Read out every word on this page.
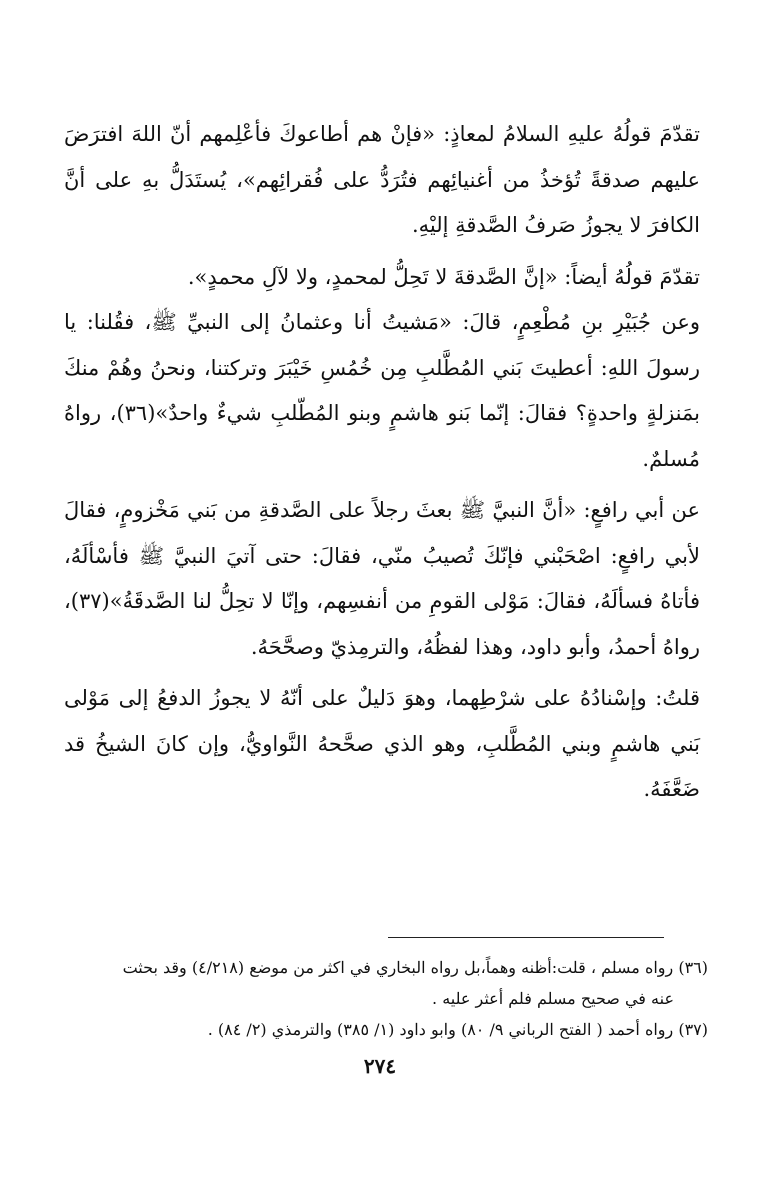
تقدّمَ قولُهُ عليهِ السلامُ لمعاذٍ: «فإنْ هم أطاعوكَ فأعْلِمهم أنّ اللهَ افترَضَ عليهم صدقةً تُؤخذُ من أغنيائِهم فتُرَدُّ على فُقرائِهم»، يُستَدَلُّ بهِ على أنَّ الكافرَ لا يجوزُ صَرفُ الصَّدقةِ إليْهِ.

تقدّمَ قولُهُ أيضاً: «إنَّ الصَّدقةَ لا تَحِلُّ لمحمدٍ، ولا لآلِ محمدٍ».

وعن جُبَيْرِ بنِ مُطْعِمٍ، قالَ: «مَشيتُ أنا وعثمانُ إلى النبيِّ ﷺ، فقُلنا: يا رسولَ اللهِ: أعطيتَ بَني المُطَّلبِ مِن خُمُسِ خَيْبَرَ وتركتنا، ونحنُ وهُمْ منكَ بمَنزلةٍ واحدةٍ؟ فقالَ: إنّما بَنو هاشمٍ وبنو المُطّلبِ شيءٌ واحدٌ»(٣٦)، رواهُ مُسلمٌ.

عن أبي رافعٍ: «أنَّ النبيَّ ﷺ بعثَ رجلاً على الصَّدقةِ من بَني مَخْزومٍ، فقالَ لأبي رافعٍ: اصْحَبْني فإنّكَ تُصيبُ منّي، فقالَ: حتى آتيَ النبيَّ ﷺ فأسْألَهُ، فأتاهُ فسألَهُ، فقالَ: مَوْلى القومِ من أنفسِهم، وإنّا لا تحِلُّ لنا الصَّدقَةُ»(٣٧)، رواهُ أحمدُ، وأبو داود، وهذا لفظُهُ، والترمِذيّ وصحَّحَهُ.

قلتُ: وإسْنادُهُ على شرْطِهما، وهوَ دَليلٌ على أنّهُ لا يجوزُ الدفعُ إلى مَوْلى بَني هاشمٍ وبني المُطَّلبِ، وهو الذي صحَّحهُ النَّواويُّ، وإن كانَ الشيخُ قد ضَعَّفَهُ.

(٣٦) رواه مسلم ، قلت:أظنه وهماً،بل رواه البخاري في اكثر من موضع (٤/٢١٨) وقد بحثت

عنه في صحيح مسلم فلم أعثر عليه .

(٣٧) رواه أحمد ( الفتح الرباني ٩/ ٨٠) وابو داود (١/ ٣٨٥) والترمذي (٢/ ٨٤) .

٢٧٤
